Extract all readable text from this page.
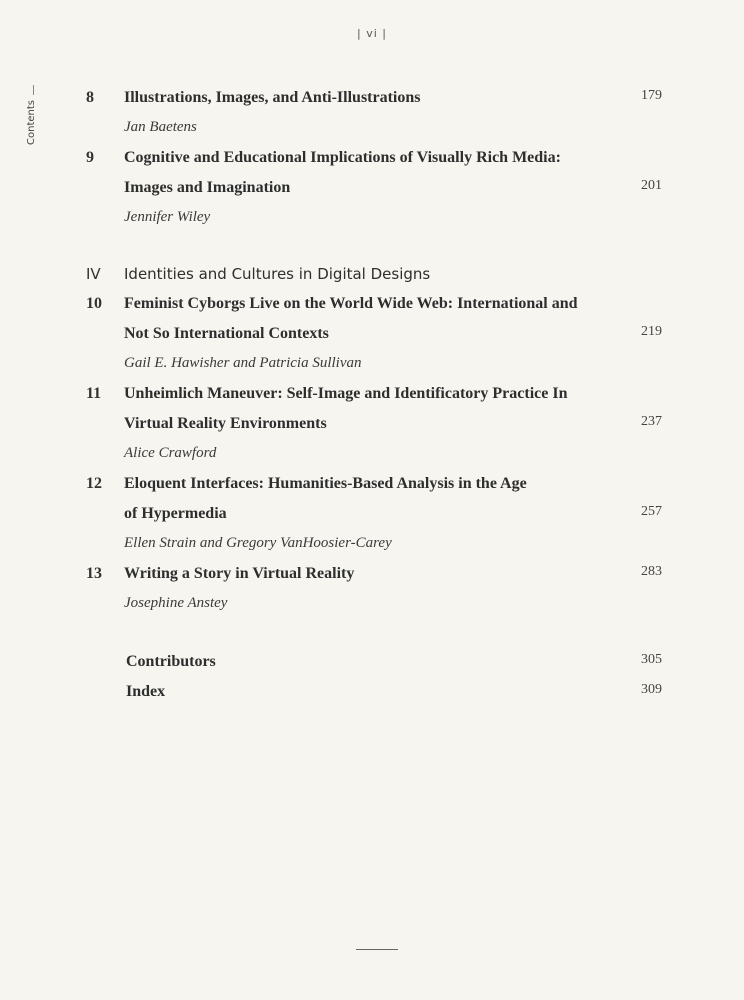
| vi |
Contents
8 Illustrations, Images, and Anti-Illustrations	179
Jan Baetens
9 Cognitive and Educational Implications of Visually Rich Media:
Images and Imagination	201
Jennifer Wiley
IV Identities and Cultures in Digital Designs
10 Feminist Cyborgs Live on the World Wide Web: International and
Not So International Contexts	219
Gail E. Hawisher and Patricia Sullivan
11 Unheimlich Maneuver: Self-Image and Identificatory Practice In
Virtual Reality Environments	237
Alice Crawford
12 Eloquent Interfaces: Humanities-Based Analysis in the Age
of Hypermedia	257
Ellen Strain and Gregory VanHoosier-Carey
13 Writing a Story in Virtual Reality	283
Josephine Anstey
Contributors	305
Index	309
